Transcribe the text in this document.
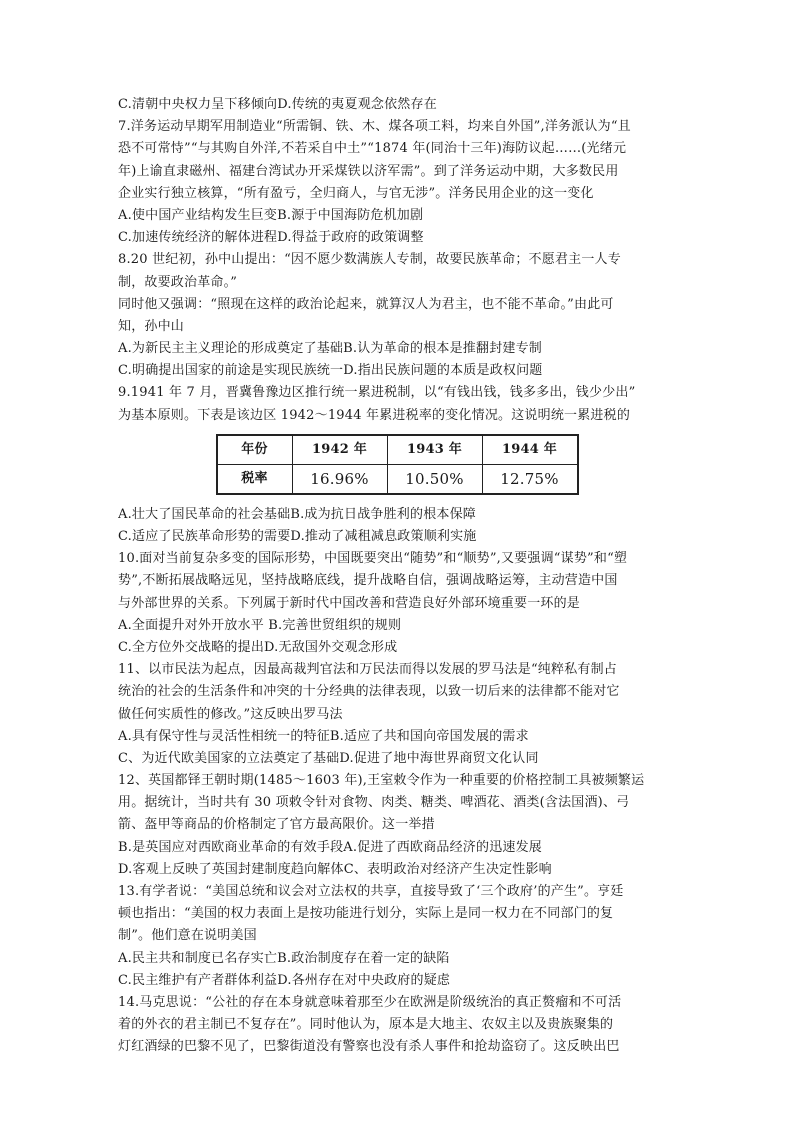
C.清朝中央权力呈下移倾向D.传统的夷夏观念依然存在
7.洋务运动早期军用制造业“所需铜、铁、木、煤各项工料，均来自外国”,洋务派认为“且
恐不可常恃”“与其购自外洋,不若采自中土”“1874 年(同治十三年)海防议起……(光绪元
年)上谕直隶磁州、福建台湾试办开采煤铁以济军需”。到了洋务运动中期，大多数民用
企业实行独立核算，“所有盈亏，全归商人，与官无涉”。洋务民用企业的这一变化
A.使中国产业结构发生巨变B.源于中国海防危机加剧
C.加速传统经济的解体进程D.得益于政府的政策调整
8.20 世纪初，孙中山提出：“因不愿少数满族人专制，故要民族革命；不愿君主一人专
制，故要政治革命。”
同时他又强调：“照现在这样的政治论起来，就算汉人为君主，也不能不革命。”由此可
知，孙中山
A.为新民主主义理论的形成奠定了基础B.认为革命的根本是推翻封建专制
C.明确提出国家的前途是实现民族统一D.指出民族问题的本质是政权问题
9.1941 年 7 月，晋冀鲁豫边区推行统一累进税制，以“有钱出钱，钱多多出，钱少少出”
为基本原则。下表是该边区 1942～1944 年累进税率的变化情况。这说明统一累进税的
年份	1942 年	1943 年	1944 年
税率	16.96%	10.50%	12.75%
A.壮大了国民革命的社会基础B.成为抗日战争胜利的根本保障
C.适应了民族革命形势的需要D.推动了减租减息政策顺利实施
10.面对当前复杂多变的国际形势，中国既要突出“随势”和“顺势”,又要强调“谋势”和“塑
势”,不断拓展战略远见，坚持战略底线，提升战略自信，强调战略运筹，主动营造中国
与外部世界的关系。下列属于新时代中国改善和营造良好外部环境重要一环的是
A.全面提升对外开放水平 B.完善世贸组织的规则
C.全方位外交战略的提出D.无敌国外交观念形成
11、以市民法为起点，因最高裁判官法和万民法而得以发展的罗马法是“纯粹私有制占
统治的社会的生活条件和冲突的十分经典的法律表现，以致一切后来的法律都不能对它
做任何实质性的修改。”这反映出罗马法
A.具有保守性与灵活性相统一的特征B.适应了共和国向帝国发展的需求
C、为近代欧美国家的立法奠定了基础D.促进了地中海世界商贸文化认同
12、英国都铎王朝时期(1485～1603 年),王室敕令作为一种重要的价格控制工具被频繁运
用。据统计，当时共有 30 项敕令针对食物、肉类、糖类、啤酒花、酒类(含法国酒)、弓
箭、盔甲等商品的价格制定了官方最高限价。这一举措
B.是英国应对西欧商业革命的有效手段A.促进了西欧商品经济的迅速发展
D.客观上反映了英国封建制度趋向解体C、表明政治对经济产生决定性影响
13.有学者说：“美国总统和议会对立法权的共享，直接导致了‘三个政府’的产生”。亨廷
顿也指出：“美国的权力表面上是按功能进行划分，实际上是同一权力在不同部门的复
制”。他们意在说明美国
A.民主共和制度已名存实亡B.政治制度存在着一定的缺陷
C.民主维护有产者群体利益D.各州存在对中央政府的疑虑
14.马克思说：“公社的存在本身就意味着那至少在欧洲是阶级统治的真正赘瘤和不可活
着的外衣的君主制已不复存在”。同时他认为，原本是大地主、农奴主以及贵族聚集的
灯红酒绿的巴黎不见了，巴黎街道没有警察也没有杀人事件和抢劫盗窃了。这反映出巴
